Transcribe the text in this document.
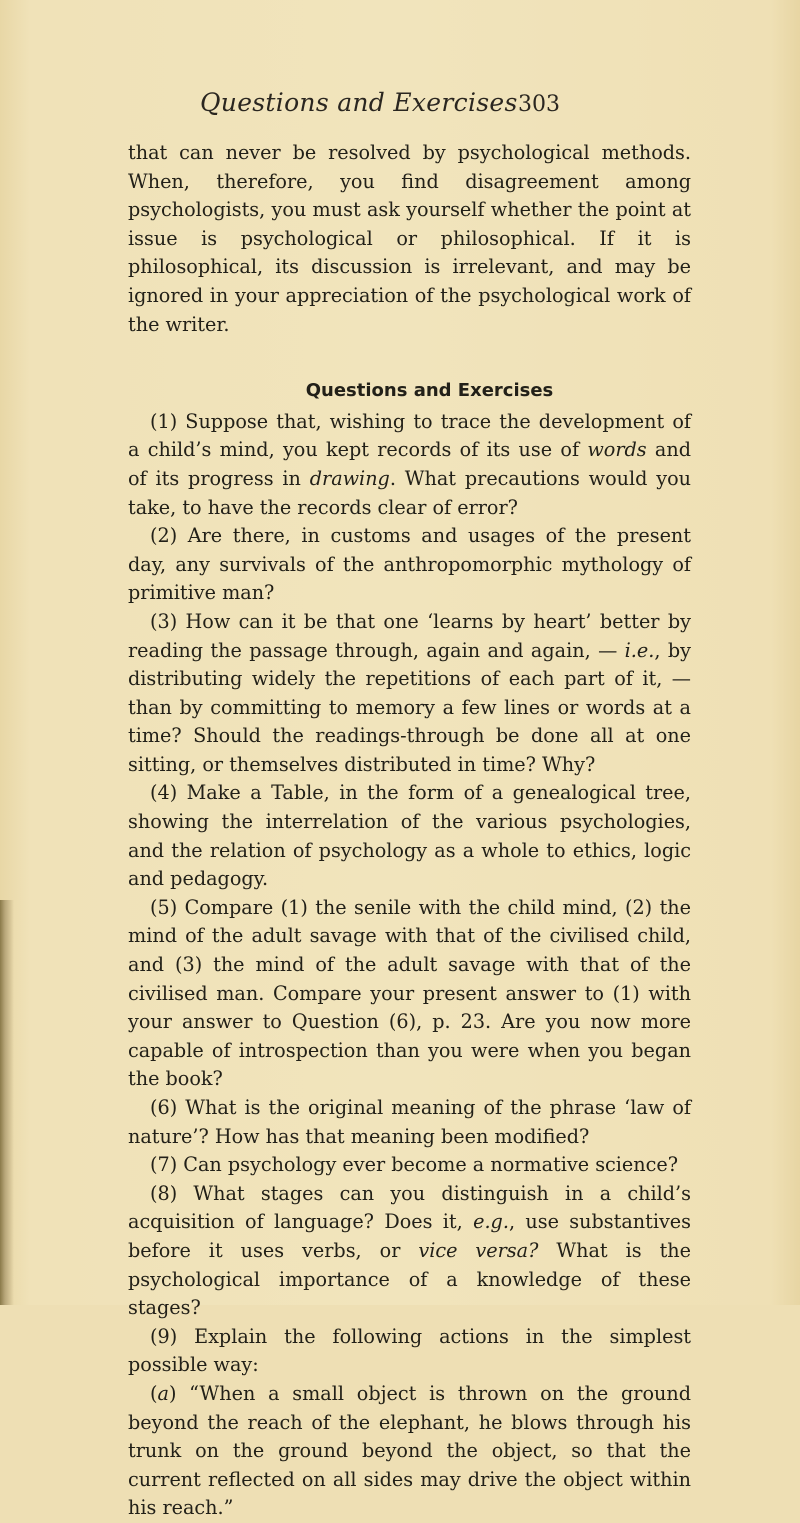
Questions and Exercises 303

that can never be resolved by psychological methods. When, therefore, you find disagreement among psychologists, you must ask yourself whether the point at issue is psychological or philosophical. If it is philosophical, its discussion is irrelevant, and may be ignored in your appreciation of the psychological work of the writer.

Questions and Exercises

(1) Suppose that, wishing to trace the development of a child’s mind, you kept records of its use of words and of its progress in drawing. What precautions would you take, to have the records clear of error?

(2) Are there, in customs and usages of the present day, any survivals of the anthropomorphic mythology of primitive man?

(3) How can it be that one ‘learns by heart’ better by reading the passage through, again and again, — i.e., by distributing widely the repetitions of each part of it, — than by committing to memory a few lines or words at a time? Should the readings-through be done all at one sitting, or themselves distributed in time? Why?

(4) Make a Table, in the form of a genealogical tree, showing the interrelation of the various psychologies, and the relation of psychology as a whole to ethics, logic and pedagogy.

(5) Compare (1) the senile with the child mind, (2) the mind of the adult savage with that of the civilised child, and (3) the mind of the adult savage with that of the civilised man. Compare your present answer to (1) with your answer to Question (6), p. 23. Are you now more capable of introspection than you were when you began the book?

(6) What is the original meaning of the phrase ‘law of nature’? How has that meaning been modified?

(7) Can psychology ever become a normative science?

(8) What stages can you distinguish in a child’s acquisition of language? Does it, e.g., use substantives before it uses verbs, or vice versa? What is the psychological importance of a knowledge of these stages?

(9) Explain the following actions in the simplest possible way:

(a) “When a small object is thrown on the ground beyond the reach of the elephant, he blows through his trunk on the ground beyond the object, so that the current reflected on all sides may drive the object within his reach.”
